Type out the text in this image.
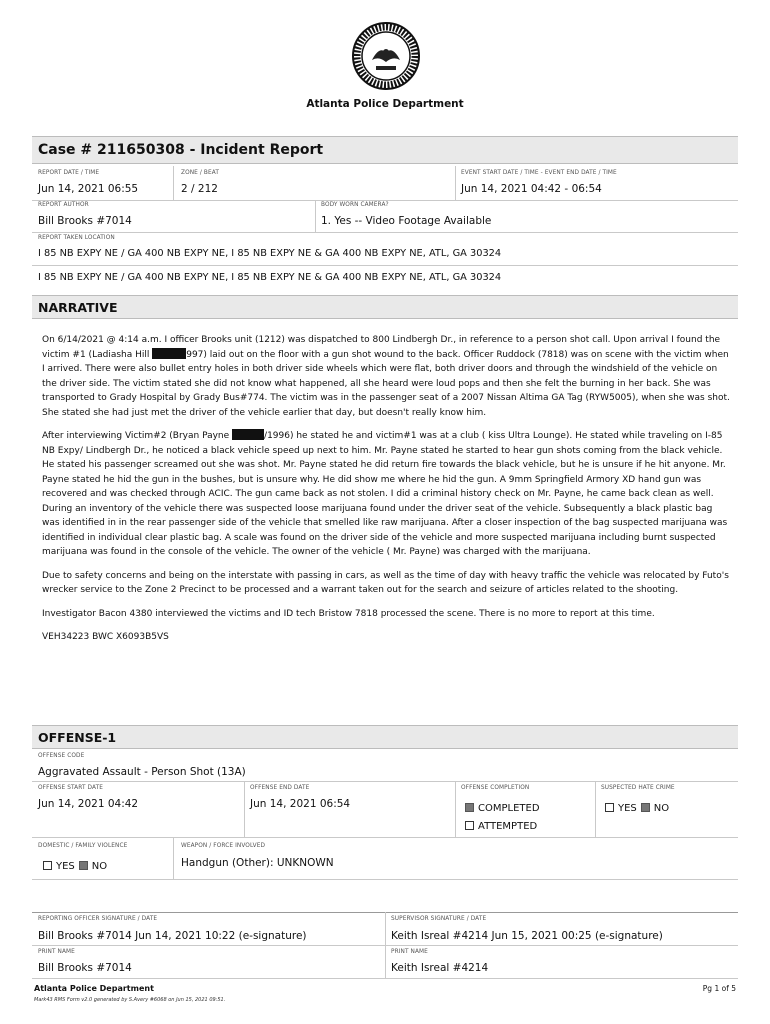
Atlanta Police Department
Case # 211650308 - Incident Report
REPORT DATE / TIME
Jun 14, 2021 06:55
ZONE / BEAT
2 / 212
EVENT START DATE / TIME - EVENT END DATE / TIME
Jun 14, 2021 04:42 - 06:54
REPORT AUTHOR
Bill Brooks #7014
BODY WORN CAMERA?
1. Yes -- Video Footage Available
REPORT TAKEN LOCATION
I 85 NB EXPY NE / GA 400 NB EXPY NE, I 85 NB EXPY NE & GA 400 NB EXPY NE, ATL, GA 30324
I 85 NB EXPY NE / GA 400 NB EXPY NE, I 85 NB EXPY NE & GA 400 NB EXPY NE, ATL, GA 30324
NARRATIVE

On 6/14/2021 @ 4:14 a.m. I officer Brooks unit (1212) was dispatched to 800 Lindbergh Dr., in reference to a person shot call. Upon arrival I found the victim #1 (Ladiasha Hill	997) laid out on the floor with a gun shot wound to the back. Officer Ruddock (7818) was on scene with the victim when I arrived. There were also bullet entry holes in both driver side wheels which were flat, both driver doors and through the windshield of the vehicle on the driver side. The victim stated she did not know what happened, all she heard were loud pops and then she felt the burning in her back. She was transported to Grady Hospital by Grady Bus#774. The victim was in the passenger seat of a 2007 Nissan Altima GA Tag (RYW5005), when she was shot. She stated she had just met the driver of the vehicle earlier that day, but doesn't really know him.

After interviewing Victim#2 (Bryan Payne	/1996) he stated he and victim#1 was at a club ( kiss Ultra Lounge). He stated while traveling on I-85 NB Expy/ Lindbergh Dr., he noticed a black vehicle speed up next to him. Mr. Payne stated he started to hear gun shots coming from the black vehicle. He stated his passenger screamed out she was shot. Mr. Payne stated he did return fire towards the black vehicle, but he is unsure if he hit anyone. Mr. Payne stated he hid the gun in the bushes, but is unsure why. He did show me where he hid the gun. A 9mm Springfield Armory XD hand gun was recovered and was checked through ACIC. The gun came back as not stolen. I did a criminal history check on Mr. Payne, he came back clean as well. During an inventory of the vehicle there was suspected loose marijuana found under the driver seat of the vehicle. Subsequently a black plastic bag was identified in in the rear passenger side of the vehicle that smelled like raw marijuana. After a closer inspection of the bag suspected marijuana was identified in individual clear plastic bag. A scale was found on the driver side of the vehicle and more suspected marijuana including burnt suspected marijuana was found in the console of the vehicle. The owner of the vehicle ( Mr. Payne) was charged with the marijuana.

Due to safety concerns and being on the interstate with passing in cars, as well as the time of day with heavy traffic the vehicle was relocated by Futo's wrecker service to the Zone 2 Precinct to be processed and a warrant taken out for the search and seizure of articles related to the shooting.

Investigator Bacon 4380 interviewed the victims and ID tech Bristow 7818 processed the scene. There is no more to report at this time.

VEH34223 BWC X6093B5VS

OFFENSE-1
OFFENSE CODE
Aggravated Assault - Person Shot (13A)
OFFENSE START DATE
Jun 14, 2021 04:42
OFFENSE END DATE
Jun 14, 2021 06:54
OFFENSE COMPLETION
COMPLETED
ATTEMPTED
SUSPECTED HATE CRIME
YES NO
DOMESTIC / FAMILY VIOLENCE
YES NO
WEAPON / FORCE INVOLVED
Handgun (Other): UNKNOWN
REPORTING OFFICER SIGNATURE / DATE
Bill Brooks #7014 Jun 14, 2021 10:22 (e-signature)
PRINT NAME
Bill Brooks #7014
SUPERVISOR SIGNATURE / DATE
Keith Isreal #4214 Jun 15, 2021 00:25 (e-signature)
PRINT NAME
Keith Isreal #4214
Atlanta Police Department
Mark43 RMS Form v2.0 generated by S.Avery #6068 on Jun 15, 2021 09:51.
Pg 1 of 5
